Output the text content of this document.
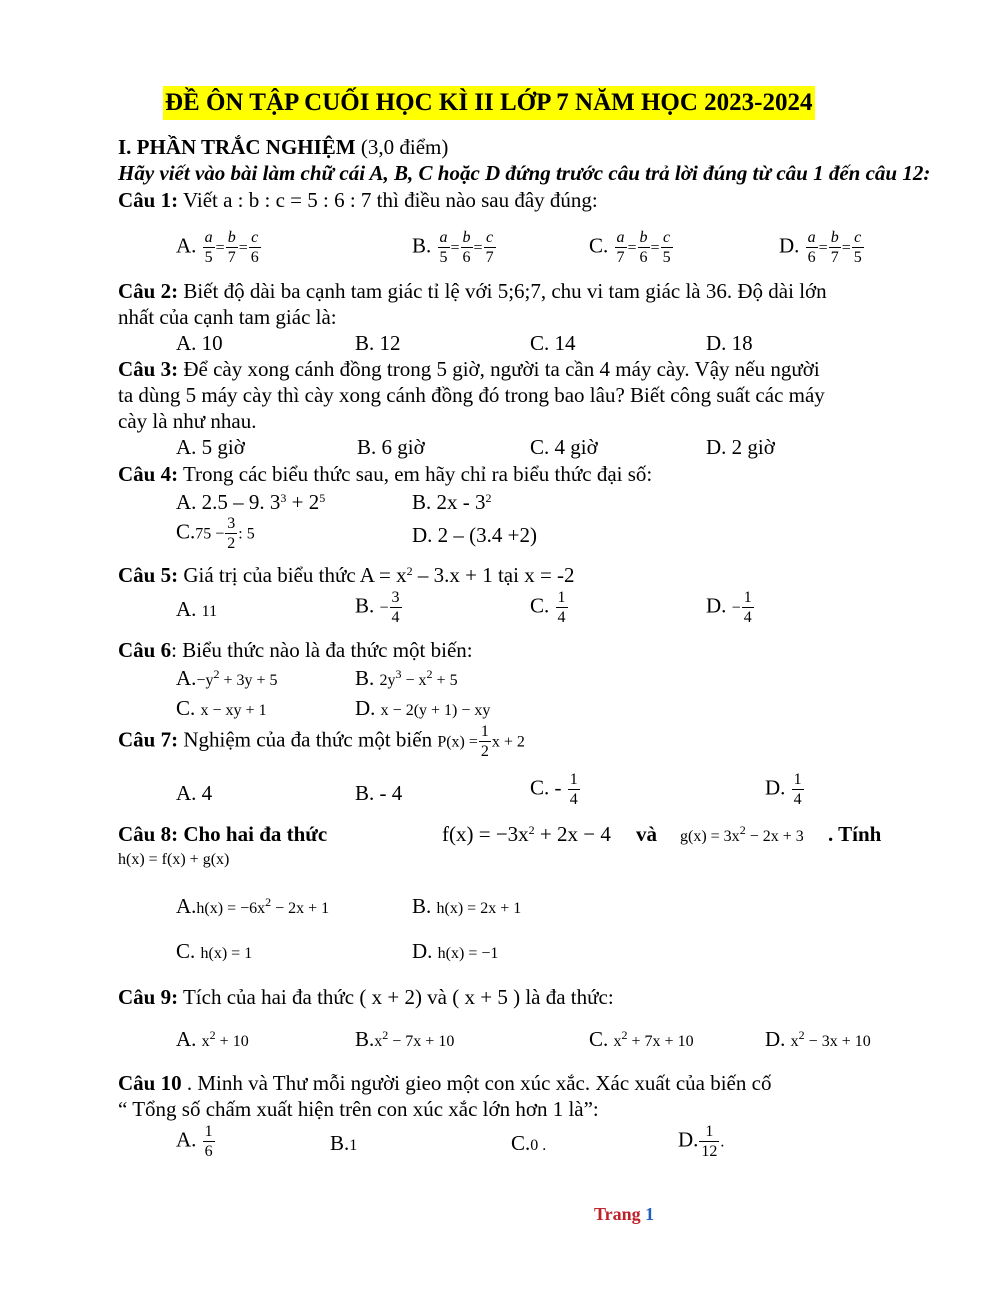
ĐỀ ÔN TẬP CUỐI HỌC KÌ II LỚP 7 NĂM HỌC 2023-2024
I. PHẦN TRẮC NGHIỆM (3,0 điểm)
Hãy viết vào bài làm chữ cái A, B, C hoặc D đứng trước câu trả lời đúng từ câu 1 đến câu 12:
Câu 1: Viết a : b : c = 5 : 6 : 7 thì điều nào sau đây đúng:
A. $\frac{a}{5} = \frac{b}{7} = \frac{c}{6}$	B. $\frac{a}{5} = \frac{b}{6} = \frac{c}{7}$	C. $\frac{a}{7} = \frac{b}{6} = \frac{c}{5}$	D. $\frac{a}{6} = \frac{b}{7} = \frac{c}{5}$
Câu 2: Biết độ dài ba cạnh tam giác tỉ lệ với 5;6;7, chu vi tam giác là 36. Độ dài lớn
nhất của cạnh tam giác là:
A. 10	B. 12	C. 14	D. 18
Câu 3: Để cày xong cánh đồng trong 5 giờ, người ta cần 4 máy cày. Vậy nếu người
ta dùng 5 máy cày thì cày xong cánh đồng đó trong bao lâu? Biết công suất các máy
cày là như nhau.
A. 5 giờ	B. 6 giờ	C. 4 giờ	D. 2 giờ
Câu 4: Trong các biểu thức sau, em hãy chỉ ra biểu thức đại số:
A. 2.5 – 9. $3^3 + 2^5$	B. $2x - 3^2$
$C.75 - \frac{3}{2}$ : 5	D. 2 – (3.4 +2)
Câu 5: Giá trị của biểu thức $A = x^2 - 3.x + 1$ tại x = -2
A. 11	B. − $\frac{3}{4}$	C. $\frac{1}{4}$	D. − $\frac{1}{4}$
Câu 6: Biểu thức nào là đa thức một biến:
$A.-y^2 + 3y + 5$	B. $2y^3 - x^2 + 5$
C. x − xy + 1	D. x − 2(y + 1) − xy
Câu 7: Nghiệm của đa thức một biến $P(x) = \frac{1}{2}$ x + 2
A. 4	B. - 4	C. - $\frac{1}{4}$	D. $\frac{1}{4}$
Câu 8: Cho hai đa thức	$f(x) = -3x^2 + 2x - 4$ và $g(x) = 3x^2 - 2x + 3$ . Tính
h(x) = f(x) + g(x)
$A.h(x) = -6x^2 - 2x + 1$	B. h(x) = 2x + 1
C. h(x) = 1	D. h(x) = −1
Câu 9: Tích của hai đa thức ( x + 2) và ( x + 5 ) là đa thức:
A. $x^2 + 10$	$B.x^2 - 7x + 10$	C. $x^2 + 7x + 10$	D. $x^2 - 3x + 10$
Câu 10 . Minh và Thư mỗi người gieo một con xúc xắc. Xác xuất của biến cố
“ Tổng số chấm xuất hiện trên con xúc xắc lớn hơn 1 là”:
A. $\frac{1}{6}$	B.1	C.0 .	D. $\frac{1}{12}$ .
Trang 1
